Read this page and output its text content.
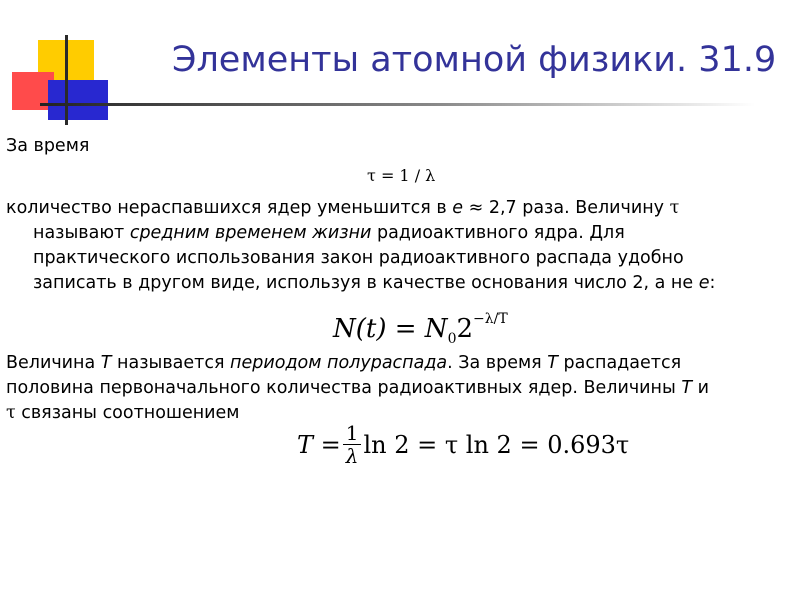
Элементы атомной физики. 31.9

За время

τ = 1 / λ

количество нераспавшихся ядер уменьшится в e ≈ 2,7 раза. Величину τ
называют средним временем жизни радиоактивного ядра. Для
практического использования закон радиоактивного распада удобно
записать в другом виде, используя в качестве основания число 2, а не e:

$N(t) = N_02^{-\lambda/T}$

Величина T называется периодом полураспада. За время T распадается
половина первоначального количества радиоактивных ядер. Величины T и
τ связаны соотношением

$T = \frac{1}{\lambda}$ ln 2 = τ ln 2 = 0.693τ
